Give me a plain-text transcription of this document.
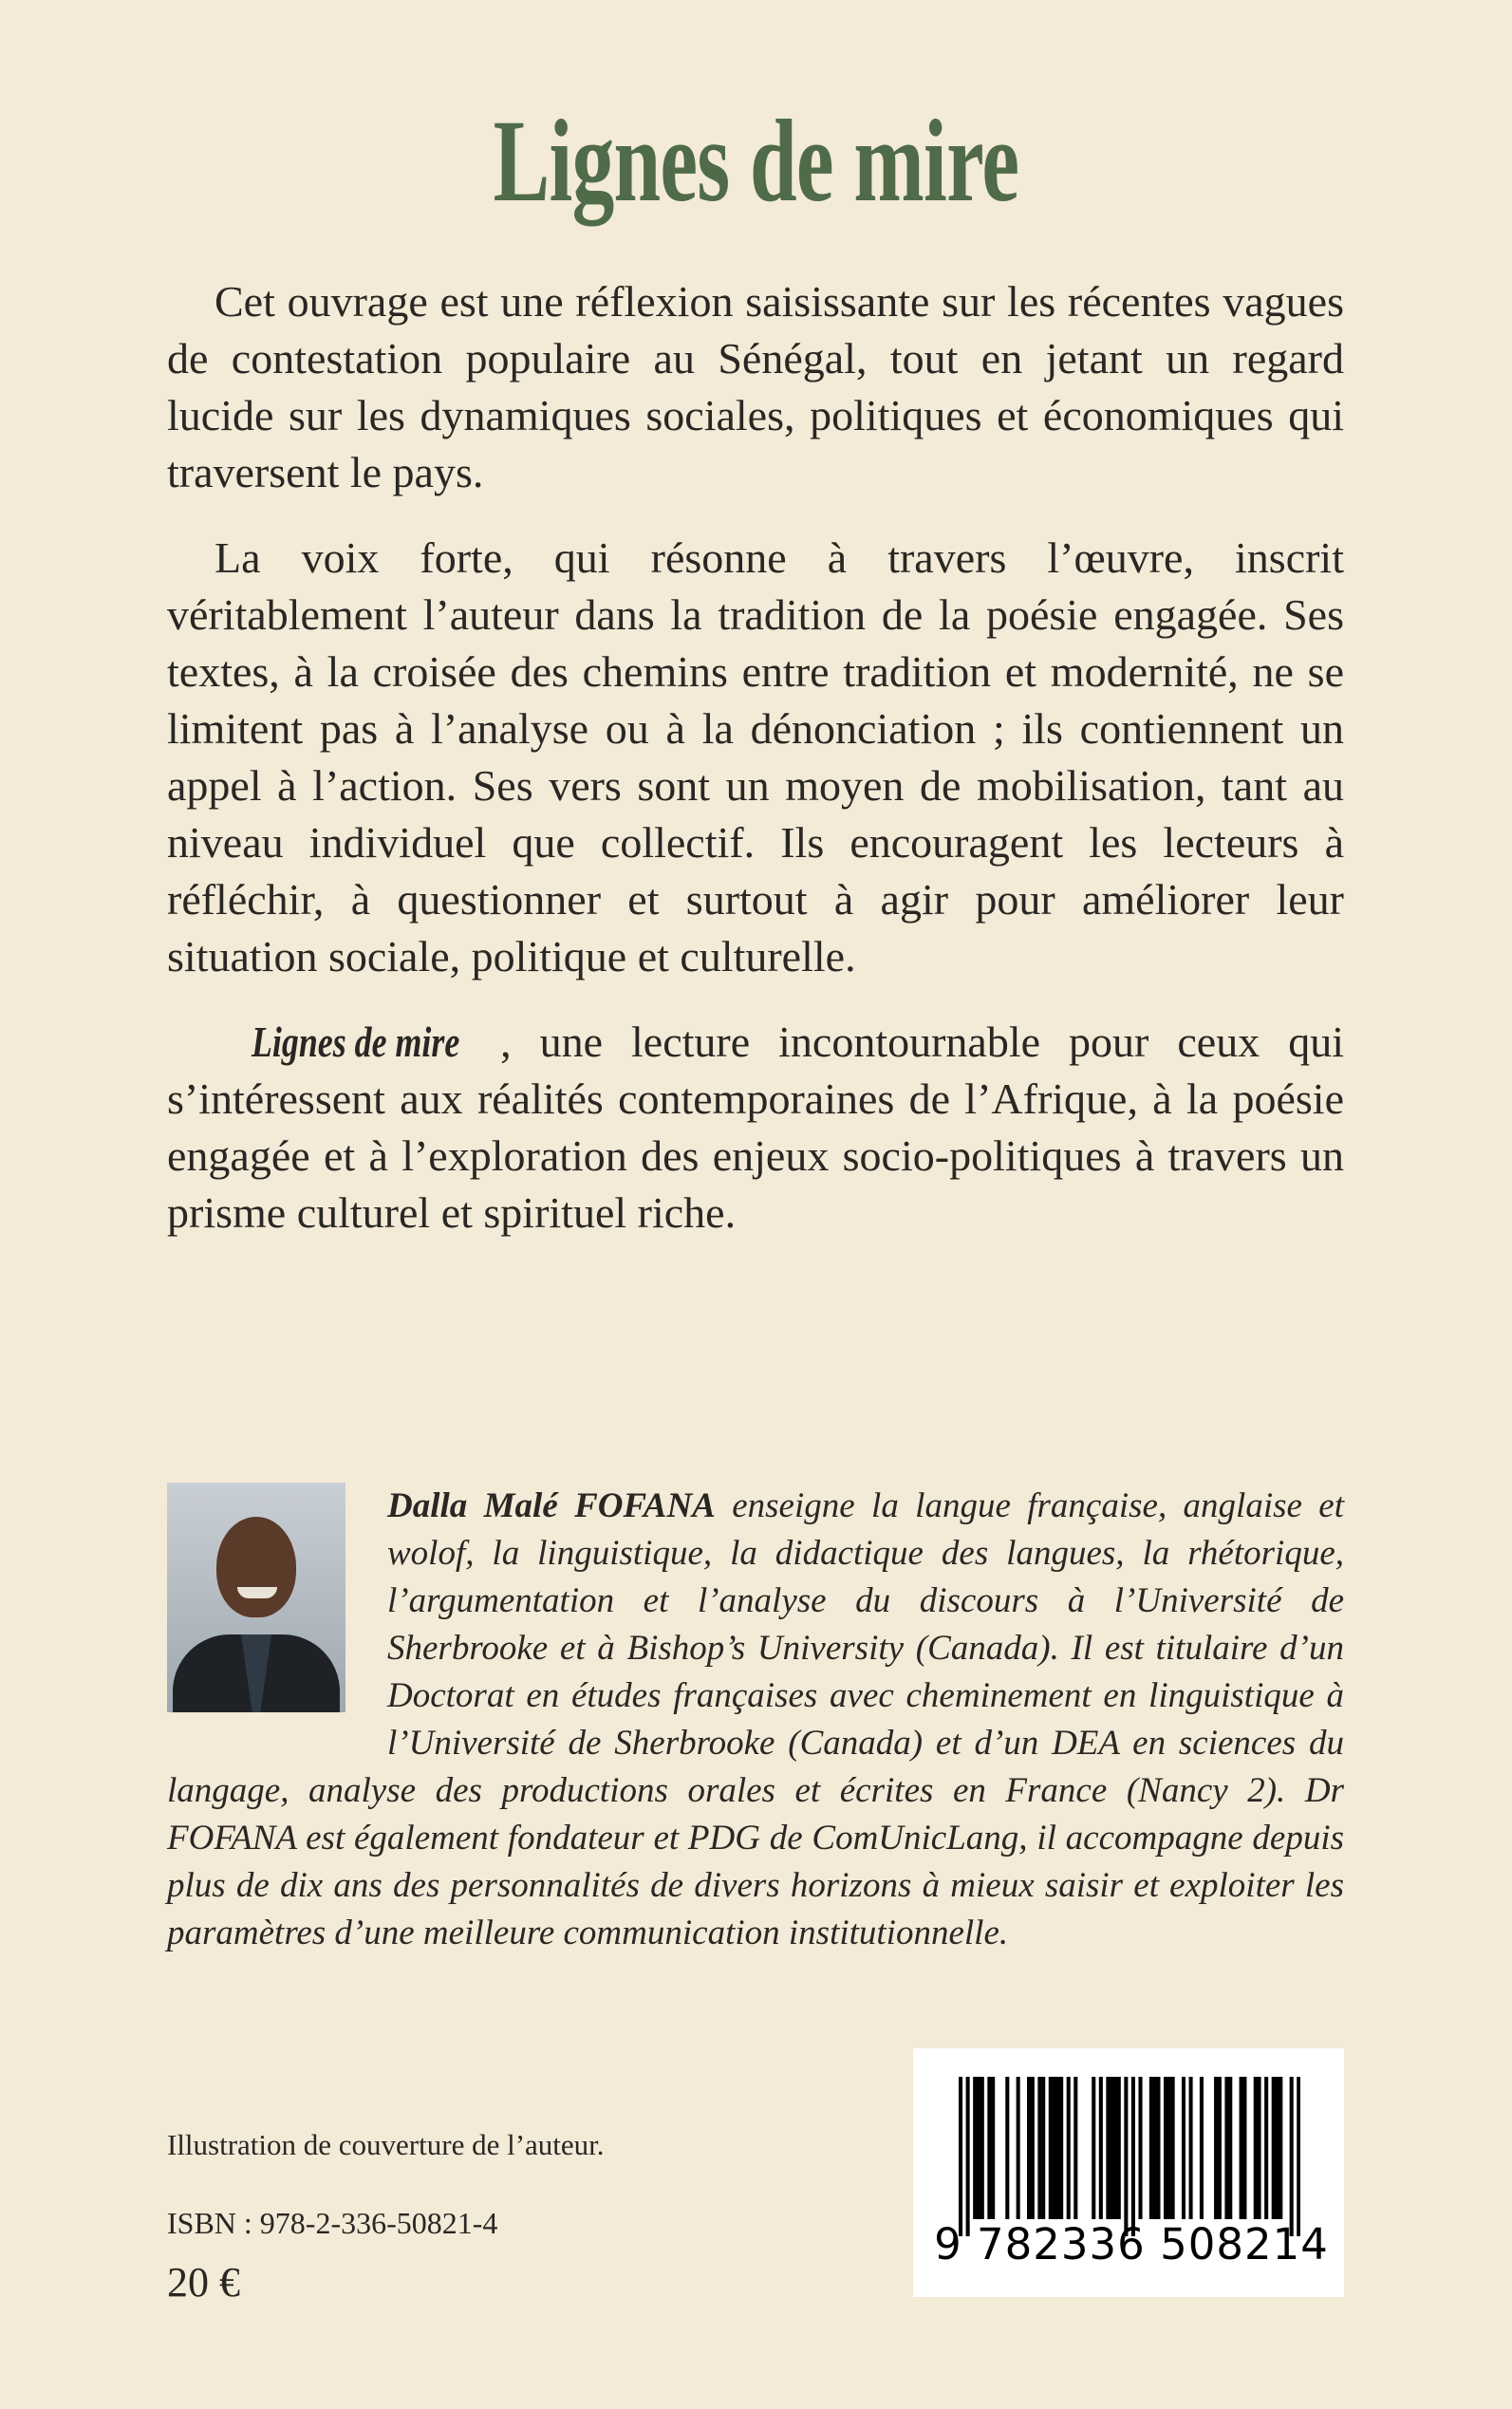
Lignes de mire

Cet ouvrage est une réflexion saisissante sur les récentes vagues de contestation populaire au Sénégal, tout en jetant un regard lucide sur les dynamiques sociales, politiques et économiques qui traversent le pays.

La voix forte, qui résonne à travers l’œuvre, inscrit véritablement l’auteur dans la tradition de la poésie engagée. Ses textes, à la croisée des chemins entre tradition et modernité, ne se limitent pas à l’analyse ou à la dénonciation ; ils contiennent un appel à l’action. Ses vers sont un moyen de mobilisation, tant au niveau individuel que collectif. Ils encouragent les lecteurs à réfléchir, à questionner et surtout à agir pour améliorer leur situation sociale, politique et culturelle.

Lignes de mire , une lecture incontournable pour ceux qui s’intéressent aux réalités contemporaines de l’Afrique, à la poésie engagée et à l’exploration des enjeux socio-politiques à travers un prisme culturel et spirituel riche.

Dalla Malé FOFANA enseigne la langue française, anglaise et wolof, la linguistique, la didactique des langues, la rhétorique, l’argumentation et l’analyse du discours à l’Université de Sherbrooke et à Bishop’s University (Canada). Il est titulaire d’un Doctorat en études françaises avec cheminement en linguistique à l’Université de Sherbrooke (Canada) et d’un DEA en sciences du langage, analyse des productions orales et écrites en France (Nancy 2). Dr FOFANA est également fondateur et PDG de ComUnicLang, il accompagne depuis plus de dix ans des personnalités de divers horizons à mieux saisir et exploiter les paramètres d’une meilleure communication institutionnelle.
Illustration de couverture de l’auteur.
ISBN : 978-2-336-50821-4
20 €
9 782336 508214
